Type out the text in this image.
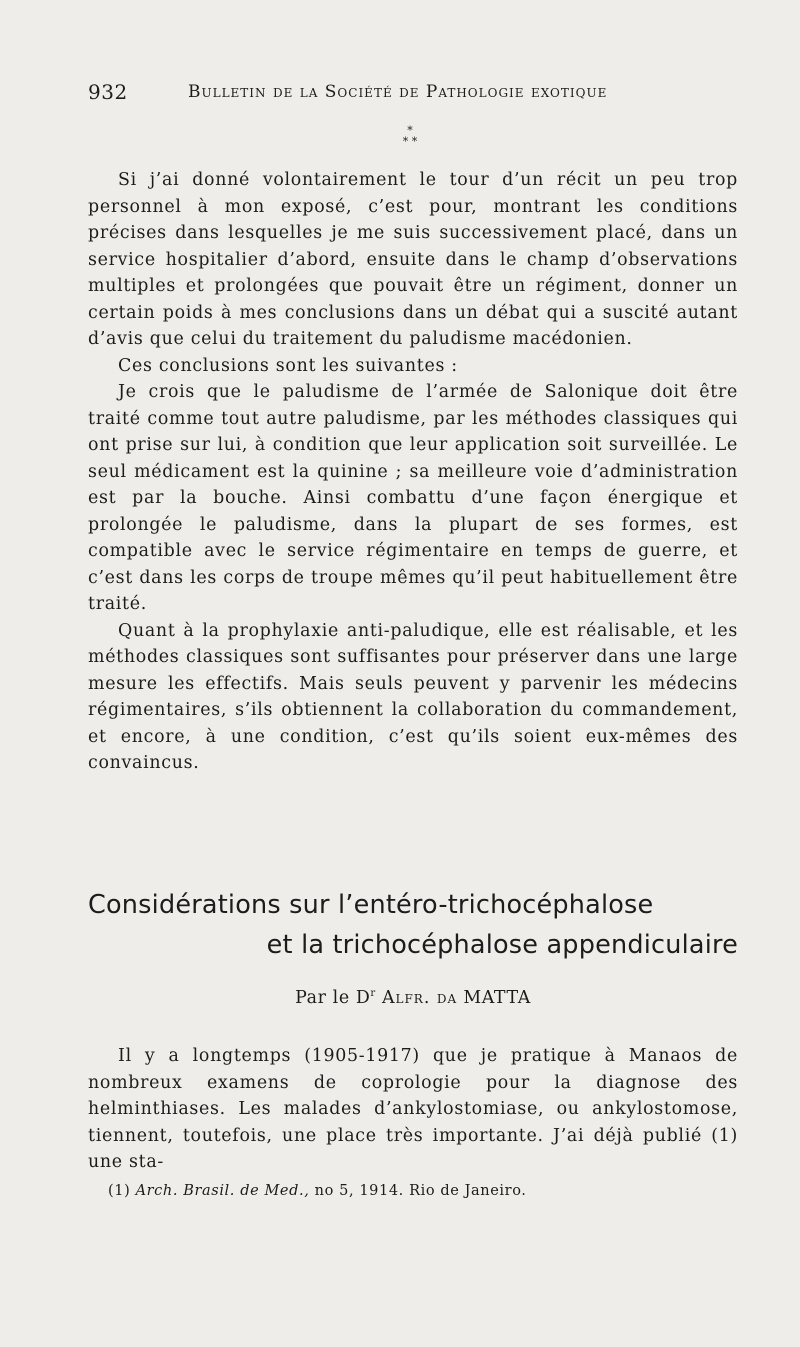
932	Bulletin de la Société de Pathologie exotique
*
* *

Si j’ai donné volontairement le tour d’un récit un peu trop personnel à mon exposé, c’est pour, montrant les conditions précises dans lesquelles je me suis successivement placé, dans un service hospitalier d’abord, ensuite dans le champ d’observations multiples et prolongées que pouvait être un régiment, donner un certain poids à mes conclusions dans un débat qui a suscité autant d’avis que celui du traitement du paludisme macédonien.

Ces conclusions sont les suivantes :

Je crois que le paludisme de l’armée de Salonique doit être traité comme tout autre paludisme, par les méthodes classiques qui ont prise sur lui, à condition que leur application soit surveillée. Le seul médicament est la quinine ; sa meilleure voie d’administration est par la bouche. Ainsi combattu d’une façon énergique et prolongée le paludisme, dans la plupart de ses formes, est compatible avec le service régimentaire en temps de guerre, et c’est dans les corps de troupe mêmes qu’il peut habituellement être traité.

Quant à la prophylaxie anti-paludique, elle est réalisable, et les méthodes classiques sont suffisantes pour préserver dans une large mesure les effectifs. Mais seuls peuvent y parvenir les médecins régimentaires, s’ils obtiennent la collaboration du commandement, et encore, à une condition, c’est qu’ils soient eux-mêmes des convaincus.

Considérations sur l’entéro-trichocéphalose
et la trichocéphalose appendiculaire
Par le $D^r$ Alfr. da MATTA

Il y a longtemps (1905-1917) que je pratique à Manaos de nombreux examens de coprologie pour la diagnose des helminthiases. Les malades d’ankylostomiase, ou ankylostomose, tiennent, toutefois, une place très importante. J’ai déjà publié (1) une sta-

(1) Arch. Brasil. de Med., no 5, 1914. Rio de Janeiro.
